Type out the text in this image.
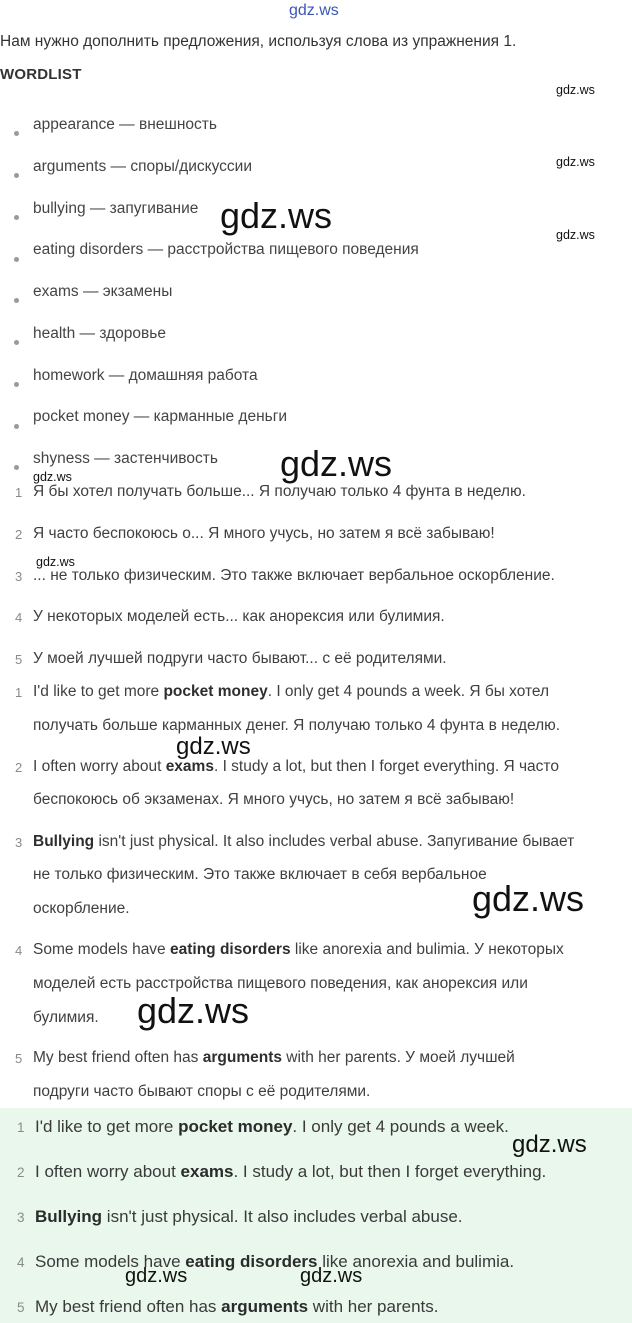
gdz.ws
Нам нужно дополнить предложения, используя слова из упражнения 1.
WORDLIST
appearance — внешность
arguments — споры/дискуссии
bullying — запугивание
eating disorders — расстройства пищевого поведения
exams — экзамены
health — здоровье
homework — домашняя работа
pocket money — карманные деньги
shyness — застенчивость
1 Я бы хотел получать больше... Я получаю только 4 фунта в неделю.
2 Я часто беспокоюсь о... Я много учусь, но затем я всё забываю!
3 ... не только физическим. Это также включает вербальное оскорбление.
4 У некоторых моделей есть... как анорексия или булимия.
5 У моей лучшей подруги часто бывают... с её родителями.
1 I'd like to get more pocket money. I only get 4 pounds a week. Я бы хотел
получать больше карманных денег. Я получаю только 4 фунта в неделю.
2 I often worry about exams. I study a lot, but then I forget everything. Я часто
беспокоюсь об экзаменах. Я много учусь, но затем я всё забываю!
3 Bullying isn't just physical. It also includes verbal abuse. Запугивание бывает
не только физическим. Это также включает в себя вербальное
оскорбление.
4 Some models have eating disorders like anorexia and bulimia. У некоторых
моделей есть расстройства пищевого поведения, как анорексия или
булимия.
5 My best friend often has arguments with her parents. У моей лучшей
подруги часто бывают споры с её родителями.
1 I'd like to get more pocket money. I only get 4 pounds a week.
2 I often worry about exams. I study a lot, but then I forget everything.
3 Bullying isn't just physical. It also includes verbal abuse.
4 Some models have eating disorders like anorexia and bulimia.
5 My best friend often has arguments with her parents.
gdz.ws
gdz.ws
gdz.ws
gdz.ws
gdz.ws
gdz.ws
gdz.ws
gdz.ws
gdz.ws
gdz.ws
gdz.ws
gdz.ws	gdz.ws
